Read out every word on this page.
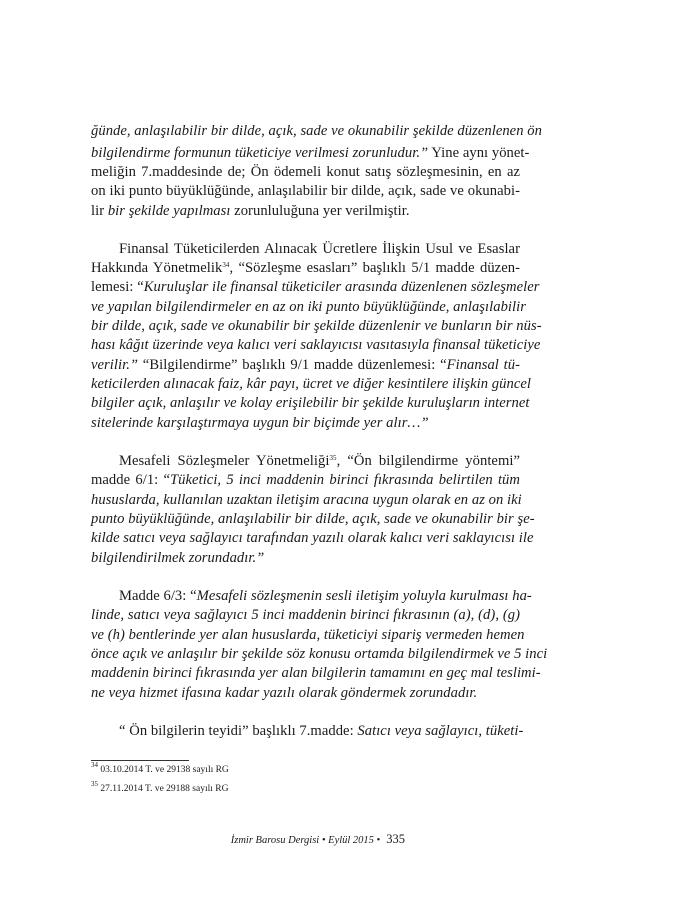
ğünde, anlaşılabilir bir dilde, açık, sade ve okunabilir şekilde düzenlenen ön
bilgilendirme formunun tüketiciye verilmesi zorunludur.” Yine aynı yönet-
meliğin 7.maddesinde de; Ön ödemeli konut satış sözleşmesinin, en az
on iki punto büyüklüğünde, anlaşılabilir bir dilde, açık, sade ve okunabi-
lir bir şekilde yapılması zorunluluğuna yer verilmiştir.
Finansal Tüketicilerden Alınacak Ücretlere İlişkin Usul ve Esaslar
Hakkında Yönetmelik$^{34}$, “Sözleşme esasları” başlıklı 5/1 madde düzen-
lemesi: “Kuruluşlar ile finansal tüketiciler arasında düzenlenen sözleşmeler
ve yapılan bilgilendirmeler en az on iki punto büyüklüğünde, anlaşılabilir
bir dilde, açık, sade ve okunabilir bir şekilde düzenlenir ve bunların bir nüs-
hası kâğıt üzerinde veya kalıcı veri saklayıcısı vasıtasıyla finansal tüketiciye
verilir.” “Bilgilendirme” başlıklı 9/1 madde düzenlemesi: “Finansal tü-
keticilerden alınacak faiz, kâr payı, ücret ve diğer kesintilere ilişkin güncel
bilgiler açık, anlaşılır ve kolay erişilebilir bir şekilde kuruluşların internet
sitelerinde karşılaştırmaya uygun bir biçimde yer alır…”
Mesafeli Sözleşmeler Yönetmeliği$^{35}$, “Ön bilgilendirme yöntemi”
madde 6/1: “Tüketici, 5 inci maddenin birinci fıkrasında belirtilen tüm
hususlarda, kullanılan uzaktan iletişim aracına uygun olarak en az on iki
punto büyüklüğünde, anlaşılabilir bir dilde, açık, sade ve okunabilir bir şe-
kilde satıcı veya sağlayıcı tarafından yazılı olarak kalıcı veri saklayıcısı ile
bilgilendirilmek zorundadır.”
Madde 6/3: “Mesafeli sözleşmenin sesli iletişim yoluyla kurulması ha-
linde, satıcı veya sağlayıcı 5 inci maddenin birinci fıkrasının (a), (d), (g)
ve (h) bentlerinde yer alan hususlarda, tüketiciyi sipariş vermeden hemen
önce açık ve anlaşılır bir şekilde söz konusu ortamda bilgilendirmek ve 5 inci
maddenin birinci fıkrasında yer alan bilgilerin tamamını en geç mal teslimi-
ne veya hizmet ifasına kadar yazılı olarak göndermek zorundadır.
“ Ön bilgilerin teyidi” başlıklı 7.madde: Satıcı veya sağlayıcı, tüketi-
$^{34}$ 03.10.2014 T. ve 29138 sayılı RG
$^{35}$ 27.11.2014 T. ve 29188 sayılı RG
İzmir Barosu Dergisi • Eylül 2015 • 335
